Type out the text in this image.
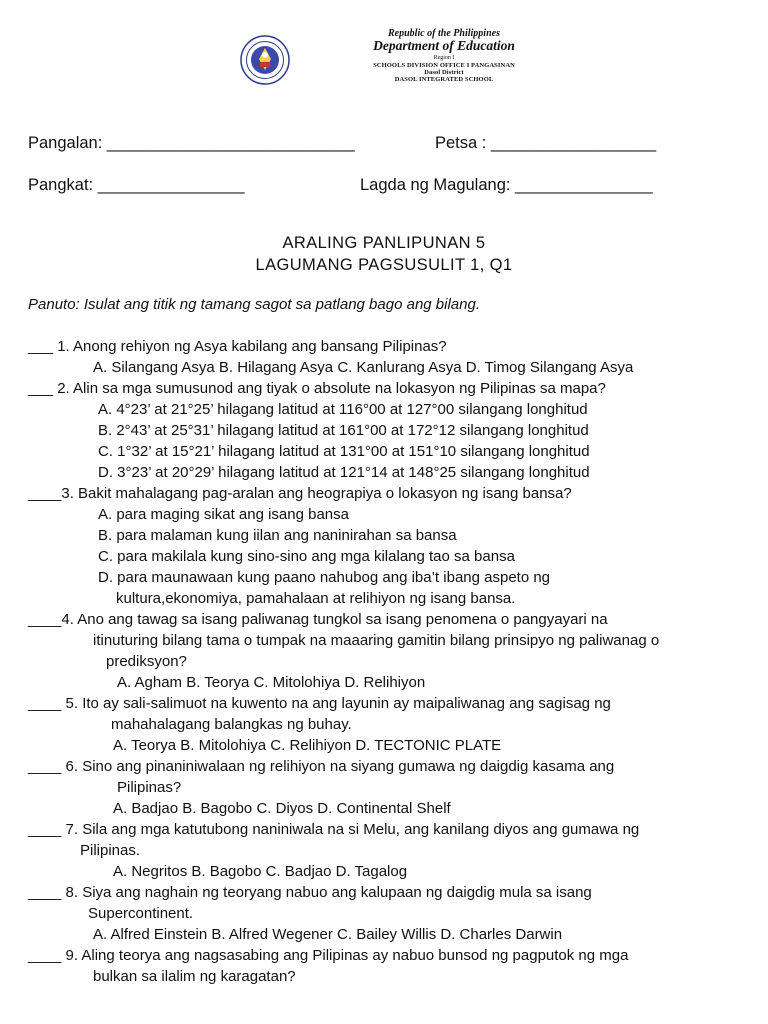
Republic of the Philippines
Department of Education
Region I
SCHOOLS DIVISION OFFICE I PANGASINAN
Dasol District
DASOL INTEGRATED SCHOOL
Pangalan: ___________________________	Petsa : __________________
Pangkat: ________________	Lagda ng Magulang: _______________
ARALING PANLIPUNAN 5
LAGUMANG PAGSUSULIT 1, Q1
Panuto: Isulat ang titik ng tamang sagot sa patlang bago ang bilang.
___ 1. Anong rehiyon ng Asya kabilang ang bansang Pilipinas?
A. Silangang Asya B. Hilagang Asya C. Kanlurang Asya D. Timog Silangang Asya
___ 2. Alin sa mga sumusunod ang tiyak o absolute na lokasyon ng Pilipinas sa mapa?
A. 4°23’ at 21°25’ hilagang latitud at 116°00 at 127°00 silangang longhitud
B. 2°43’ at 25°31’ hilagang latitud at 161°00 at 172°12 silangang longhitud
C. 1°32’ at 15°21’ hilagang latitud at 131°00 at 151°10 silangang longhitud
D. 3°23’ at 20°29’ hilagang latitud at 121°14 at 148°25 silangang longhitud
____3. Bakit mahalagang pag-aralan ang heograpiya o lokasyon ng isang bansa?
A. para maging sikat ang isang bansa
B. para malaman kung iilan ang naninirahan sa bansa
C. para makilala kung sino-sino ang mga kilalang tao sa bansa
D. para maunawaan kung paano nahubog ang iba’t ibang aspeto ng
kultura,ekonomiya, pamahalaan at relihiyon ng isang bansa.
____4. Ano ang tawag sa isang paliwanag tungkol sa isang penomena o pangyayari na
itinuturing bilang tama o tumpak na maaaring gamitin bilang prinsipyo ng paliwanag o
prediksyon?
A. Agham B. Teorya C. Mitolohiya D. Relihiyon
____ 5. Ito ay sali-salimuot na kuwento na ang layunin ay maipaliwanag ang sagisag ng
mahahalagang balangkas ng buhay.
A. Teorya B. Mitolohiya C. Relihiyon D. TECTONIC PLATE
____ 6. Sino ang pinaniniwalaan ng relihiyon na siyang gumawa ng daigdig kasama ang
Pilipinas?
A. Badjao B. Bagobo C. Diyos D. Continental Shelf
____ 7. Sila ang mga katutubong naniniwala na si Melu, ang kanilang diyos ang gumawa ng
Pilipinas.
A. Negritos B. Bagobo C. Badjao D. Tagalog
____ 8. Siya ang naghain ng teoryang nabuo ang kalupaan ng daigdig mula sa isang
Supercontinent.
A. Alfred Einstein B. Alfred Wegener C. Bailey Willis D. Charles Darwin
____ 9. Aling teorya ang nagsasabing ang Pilipinas ay nabuo bunsod ng pagputok ng mga
bulkan sa ilalim ng karagatan?
